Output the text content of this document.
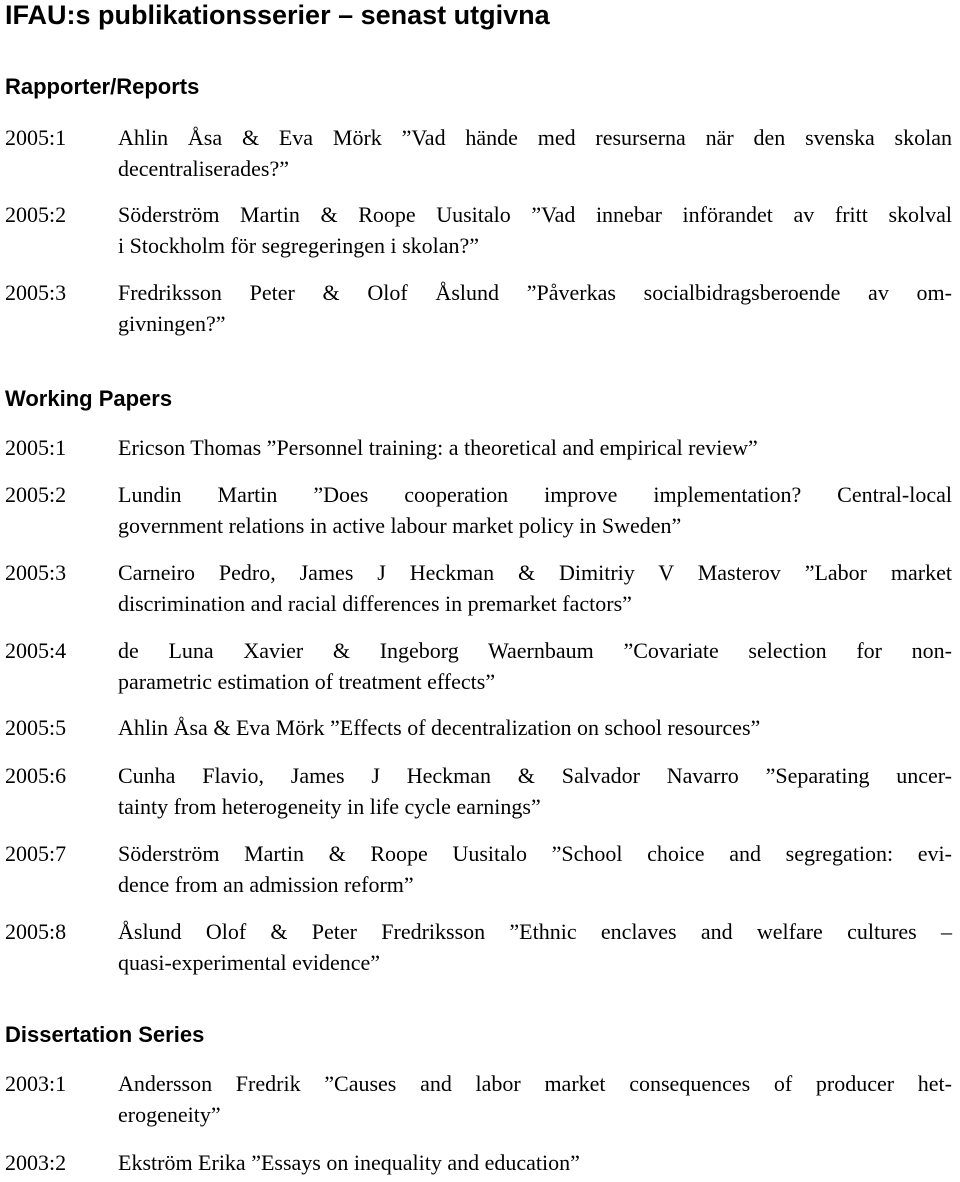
IFAU:s publikationsserier – senast utgivna
Rapporter/Reports
2005:1 Ahlin Åsa & Eva Mörk ”Vad hände med resurserna när den svenska skolan
decentraliserades?”
2005:2 Söderström Martin & Roope Uusitalo ”Vad innebar införandet av fritt skolval
i Stockholm för segregeringen i skolan?”
2005:3 Fredriksson Peter & Olof Åslund ”Påverkas socialbidragsberoende av om-
givningen?”
Working Papers
2005:1 Ericson Thomas ”Personnel training: a theoretical and empirical review”
2005:2 Lundin Martin ”Does cooperation improve implementation? Central-local
government relations in active labour market policy in Sweden”
2005:3 Carneiro Pedro, James J Heckman & Dimitriy V Masterov ”Labor market
discrimination and racial differences in premarket factors”
2005:4 de Luna Xavier & Ingeborg Waernbaum ”Covariate selection for non-
parametric estimation of treatment effects”
2005:5 Ahlin Åsa & Eva Mörk ”Effects of decentralization on school resources”
2005:6 Cunha Flavio, James J Heckman & Salvador Navarro ”Separating uncer-
tainty from heterogeneity in life cycle earnings”
2005:7 Söderström Martin & Roope Uusitalo ”School choice and segregation: evi-
dence from an admission reform”
2005:8 Åslund Olof & Peter Fredriksson ”Ethnic enclaves and welfare cultures –
quasi-experimental evidence”
Dissertation Series
2003:1 Andersson Fredrik ”Causes and labor market consequences of producer het-
erogeneity”
2003:2 Ekström Erika ”Essays on inequality and education”
